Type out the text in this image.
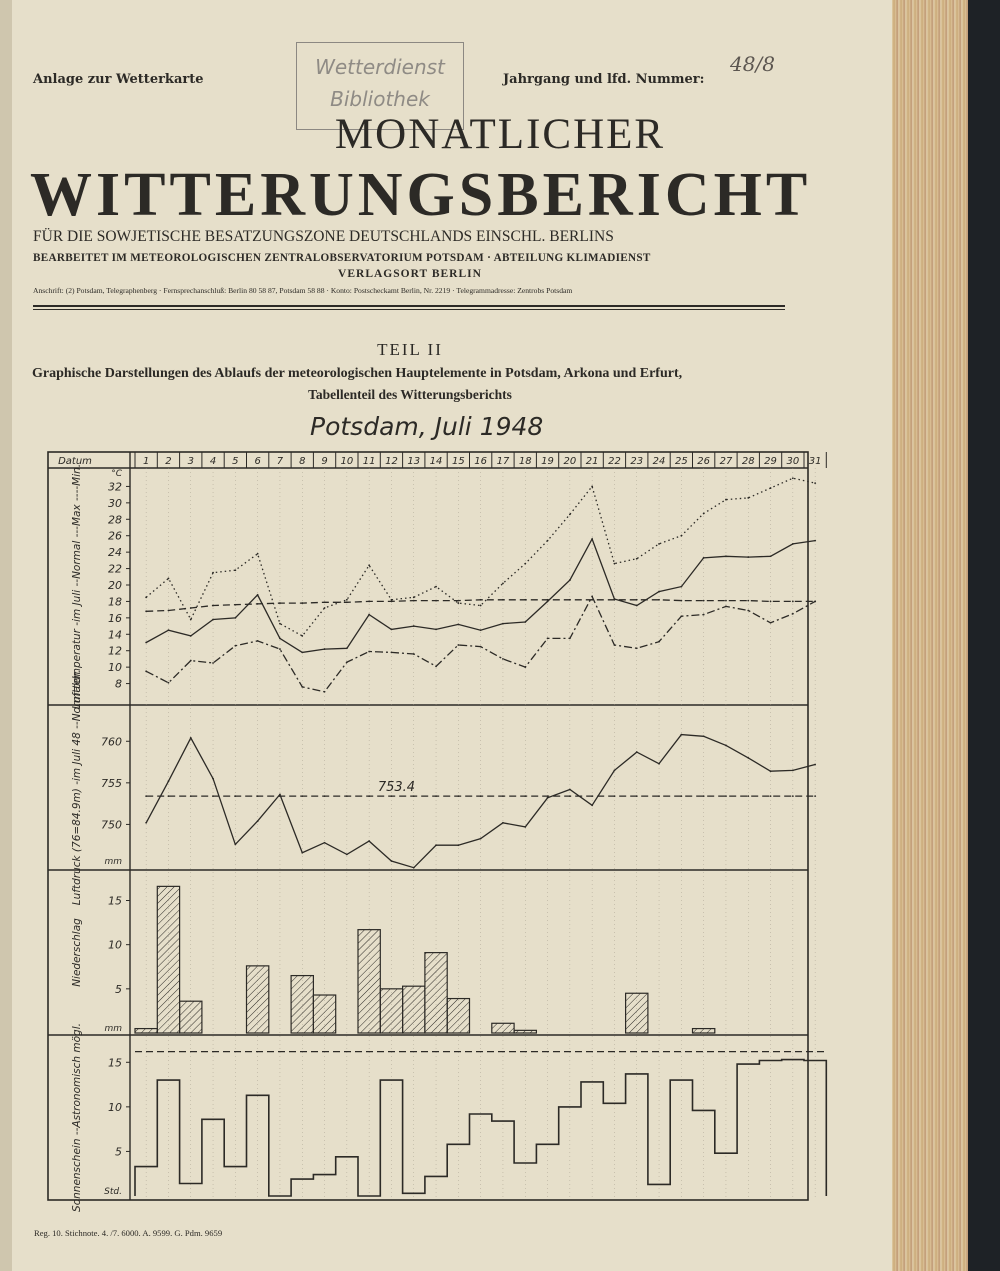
Anlage zur Wetterkarte	Jahrgang und lfd. Nummer:
48/8
Wetterdienst
Bibliothek
MONATLICHER
WITTERUNGSBERICHT
FÜR DIE SOWJETISCHE BESATZUNGSZONE DEUTSCHLANDS EINSCHL. BERLINS
BEARBEITET IM METEOROLOGISCHEN ZENTRALOBSERVATORIUM POTSDAM · ABTEILUNG KLIMADIENST
VERLAGSORT BERLIN
Anschrift: (2) Potsdam, Telegraphenberg · Fernsprechanschluß: Berlin 80 58 87, Potsdam 58 88 · Konto: Postscheckamt Berlin, Nr. 2219 · Telegrammadresse: Zentrobs Potsdam
TEIL II
Graphische Darstellungen des Ablaufs der meteorologischen Hauptelemente in Potsdam, Arkona und Erfurt,
Tabellenteil des Witterungsberichts
Potsdam, Juli 1948
Reg. 10. Stichnote. 4. /7. 6000. A. 9599. G. Pdm. 9659
1 2 3 4 5 6 7 8 9 10 11 12 13 14 15 16 17 18 19 20 21 22 23 24 25 26 27 28 29 30 31
Datum
8
10
12
14
16
18
20
22
24
26
28
30
32
°C
Lufttemperatur -im Juli --Normal ---Max ----Min.
750
755
760
mm
Luftdruck (76=84.9m) -im Juli 48 --Normaldr.	753.4
5
10
15
mm
Niederschlag
5
10
15
Std.
Sonnenschein --Astronomisch mögl.
